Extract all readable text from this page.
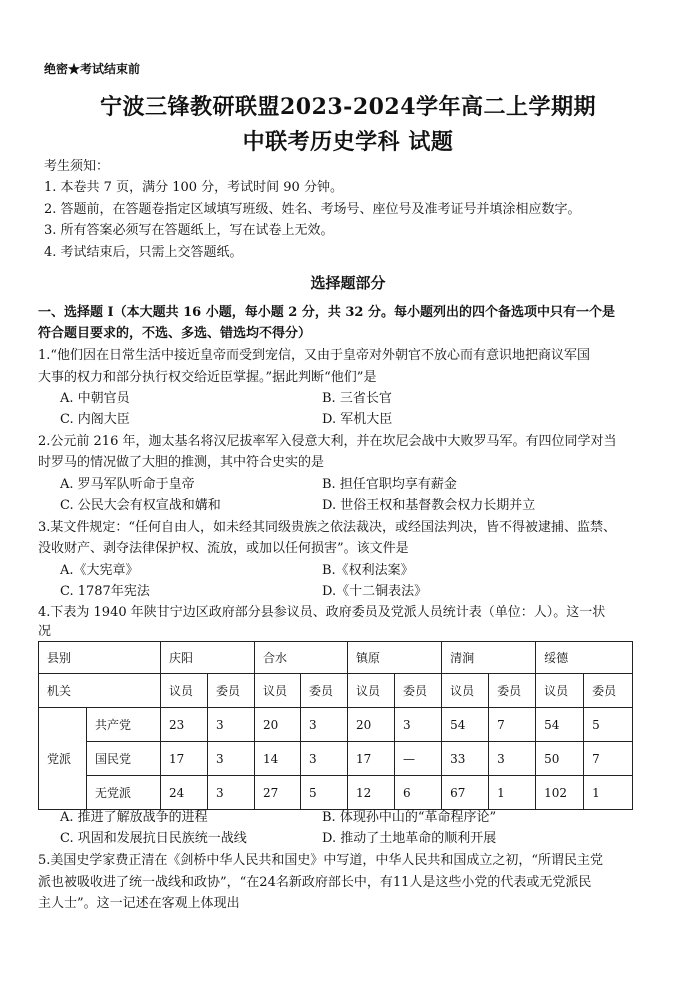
绝密★考试结束前
宁波三锋教研联盟2023-2024学年高二上学期期
中联考历史学科 试题
考生须知：
1. 本卷共 7 页，满分 100 分，考试时间 90 分钟。
2. 答题前，在答题卷指定区域填写班级、姓名、考场号、座位号及准考证号并填涂相应数字。
3. 所有答案必须写在答题纸上，写在试卷上无效。
4. 考试结束后，只需上交答题纸。
选择题部分
一、选择题 I（本大题共 16 小题，每小题 2 分，共 32 分。每小题列出的四个备选项中只有一个是
符合题目要求的，不选、多选、错选均不得分）
1.“他们因在日常生活中接近皇帝而受到宠信，又由于皇帝对外朝官不放心而有意识地把商议军国
大事的权力和部分执行权交给近臣掌握。”据此判断“他们”是
A. 中朝官员	B. 三省长官
C. 内阁大臣	D. 军机大臣
2.公元前 216 年，迦太基名将汉尼拔率军入侵意大利，并在坎尼会战中大败罗马军。有四位同学对当
时罗马的情况做了大胆的推测，其中符合史实的是
A. 罗马军队听命于皇帝	B. 担任官职均享有薪金
C. 公民大会有权宣战和媾和	D. 世俗王权和基督教会权力长期并立
3.某文件规定：“任何自由人，如未经其同级贵族之依法裁决，或经国法判决，皆不得被逮捕、监禁、
没收财产、剥夺法律保护权、流放，或加以任何损害”。该文件是
A.《大宪章》	B.《权利法案》
C. 1787年宪法	D.《十二铜表法》
4.下表为 1940 年陕甘宁边区政府部分县参议员、政府委员及党派人员统计表（单位：人）。这一状
况
县别		庆阳		合水		镇原		清涧		绥德	
机关		议员	委员	议员	委员	议员	委员	议员	委员	议员	委员
党派	共产党	23	3	20	3	20	3	54	7	54	5
	国民党	17	3	14	3	17	—	33	3	50	7
	无党派	24	3	27	5	12	6	67	1	102	1
A. 推进了解放战争的进程	B. 体现孙中山的“革命程序论”
C. 巩固和发展抗日民族统一战线	D. 推动了土地革命的顺利开展
5.美国史学家费正清在《剑桥中华人民共和国史》中写道，中华人民共和国成立之初，“所谓民主党
派也被吸收进了统一战线和政协”，“在24名新政府部长中，有11人是这些小党的代表或无党派民
主人士”。这一记述在客观上体现出
